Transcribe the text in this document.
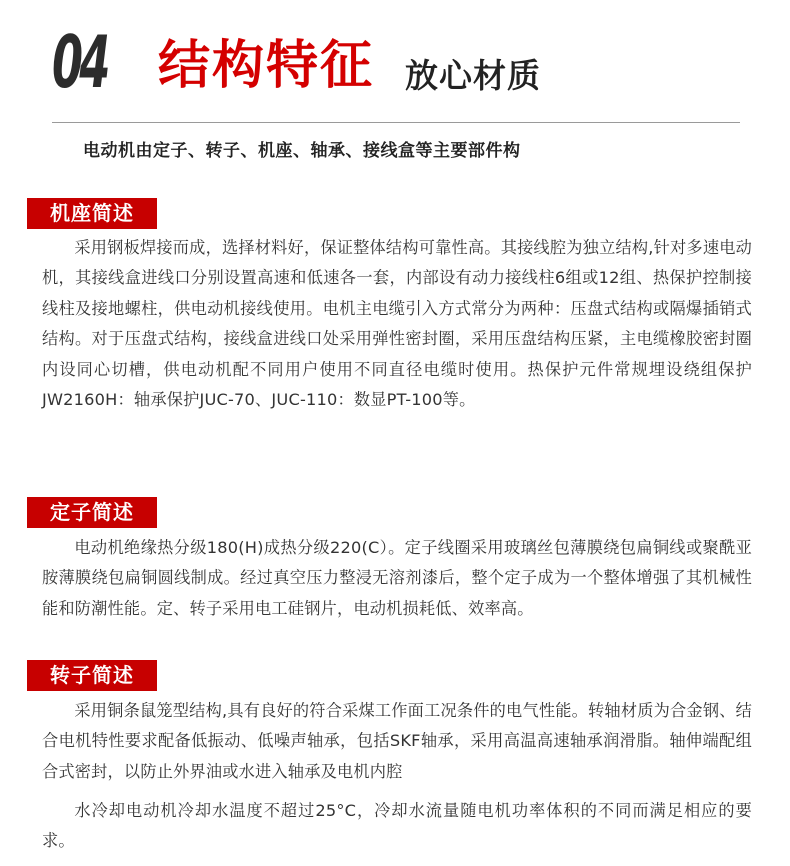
04 结构特征 放心材质
电动机由定子、转子、机座、轴承、接线盒等主要部件构
机座简述

采用钢板焊接而成，选择材料好，保证整体结构可靠性高。其接线腔为独立结构,针对多速电动机，其接线盒进线口分别设置高速和低速各一套，内部设有动力接线柱6组或12组、热保护控制接线柱及接地螺柱，供电动机接线使用。电机主电缆引入方式常分为两种：压盘式结构或隔爆插销式结构。对于压盘式结构，接线盒进线口处采用弹性密封圈，采用压盘结构压紧，主电缆橡胶密封圈内设同心切槽，供电动机配不同用户使用不同直径电缆时使用。热保护元件常规埋设绕组保护JW2160H：轴承保护JUC-70、JUC-110：数显PT-100等。

定子简述

电动机绝缘热分级180(H)成热分级220(C）。定子线圈采用玻璃丝包薄膜绕包扁铜线或聚酰亚胺薄膜绕包扁铜圆线制成。经过真空压力整浸无溶剂漆后，整个定子成为一个整体增强了其机械性能和防潮性能。定、转子采用电工硅钢片，电动机损耗低、效率高。

转子简述

采用铜条鼠笼型结构,具有良好的符合采煤工作面工况条件的电气性能。转轴材质为合金钢、结合电机特性要求配备低振动、低噪声轴承，包括SKF轴承，采用高温高速轴承润滑脂。轴伸端配组合式密封，以防止外界油或水进入轴承及电机内腔

水冷却电动机冷却水温度不超过25°C，冷却水流量随电机功率体积的不同而满足相应的要求。
